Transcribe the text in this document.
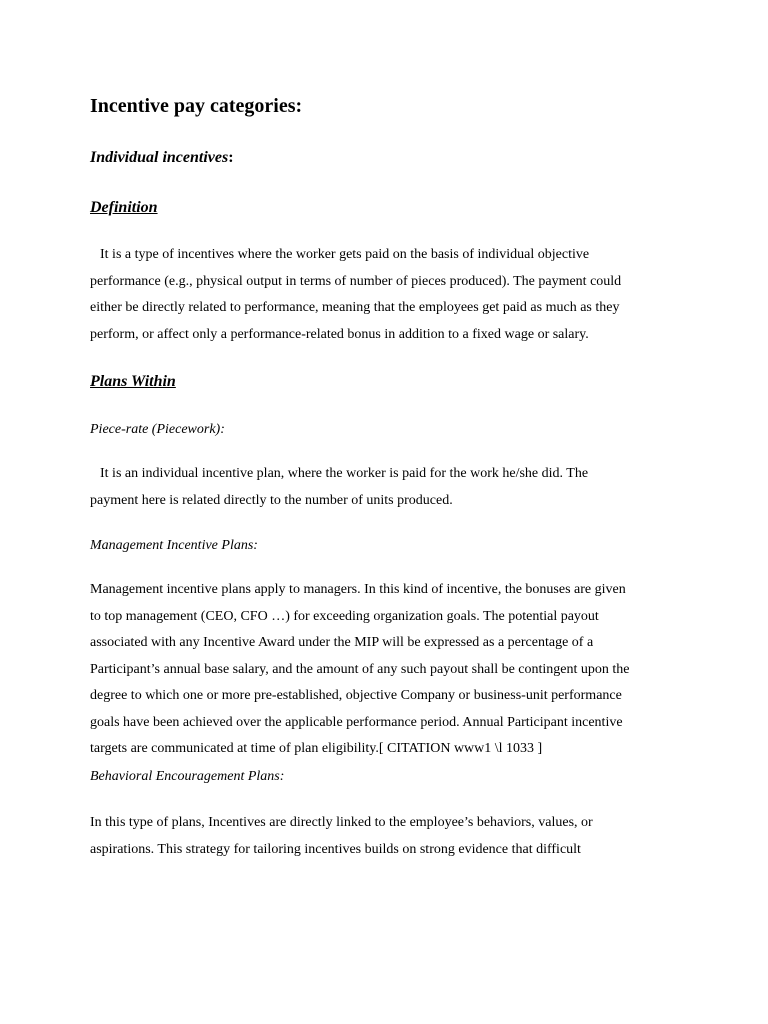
Incentive pay categories:
Individual incentives:
Definition

It is a type of incentives where the worker gets paid on the basis of individual objective
performance (e.g., physical output in terms of number of pieces produced). The payment could
either be directly related to performance, meaning that the employees get paid as much as they
perform, or affect only a performance-related bonus in addition to a fixed wage or salary.

Plans Within

Piece-rate (Piecework):

It is an individual incentive plan, where the worker is paid for the work he/she did. The
payment here is related directly to the number of units produced.

Management Incentive Plans:

Management incentive plans apply to managers. In this kind of incentive, the bonuses are given
to top management (CEO, CFO …) for exceeding organization goals. The potential payout
associated with any Incentive Award under the MIP will be expressed as a percentage of a
Participant’s annual base salary, and the amount of any such payout shall be contingent upon the
degree to which one or more pre-established, objective Company or business-unit performance
goals have been achieved over the applicable performance period. Annual Participant incentive
targets are communicated at time of plan eligibility.[ CITATION www1 \l 1033 ]

Behavioral Encouragement Plans:

In this type of plans, Incentives are directly linked to the employee’s behaviors, values, or
aspirations. This strategy for tailoring incentives builds on strong evidence that difficult
